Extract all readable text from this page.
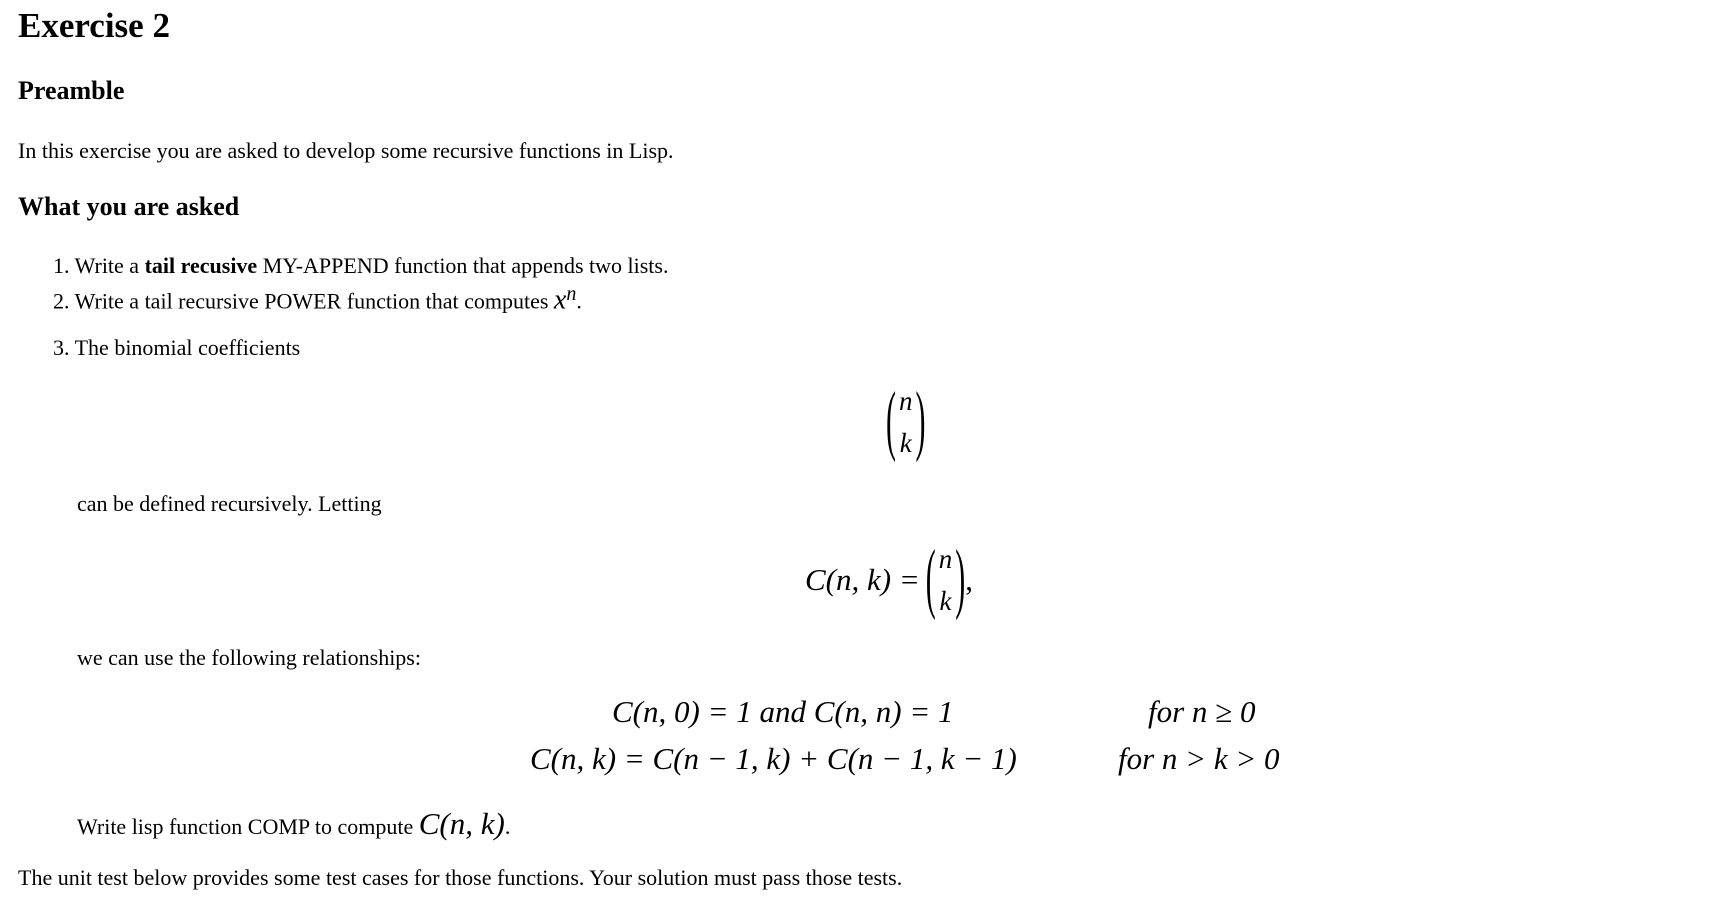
Exercise 2
Preamble
In this exercise you are asked to develop some recursive functions in Lisp.
What you are asked
1. Write a tail recusive MY-APPEND function that appends two lists.
2. Write a tail recursive POWER function that computes $x^n$.
3. The binomial coefficients
( n
k )
can be defined recursively. Letting
C(n, k) = ( n
k ) ,
we can use the following relationships:
C(n, 0) = 1 and C(n, n) = 1	for n ≥ 0
C(n, k) = C(n − 1, k) + C(n − 1, k − 1)	for n > k > 0
Write lisp function COMP to compute C(n, k).
The unit test below provides some test cases for those functions. Your solution must pass those tests.
